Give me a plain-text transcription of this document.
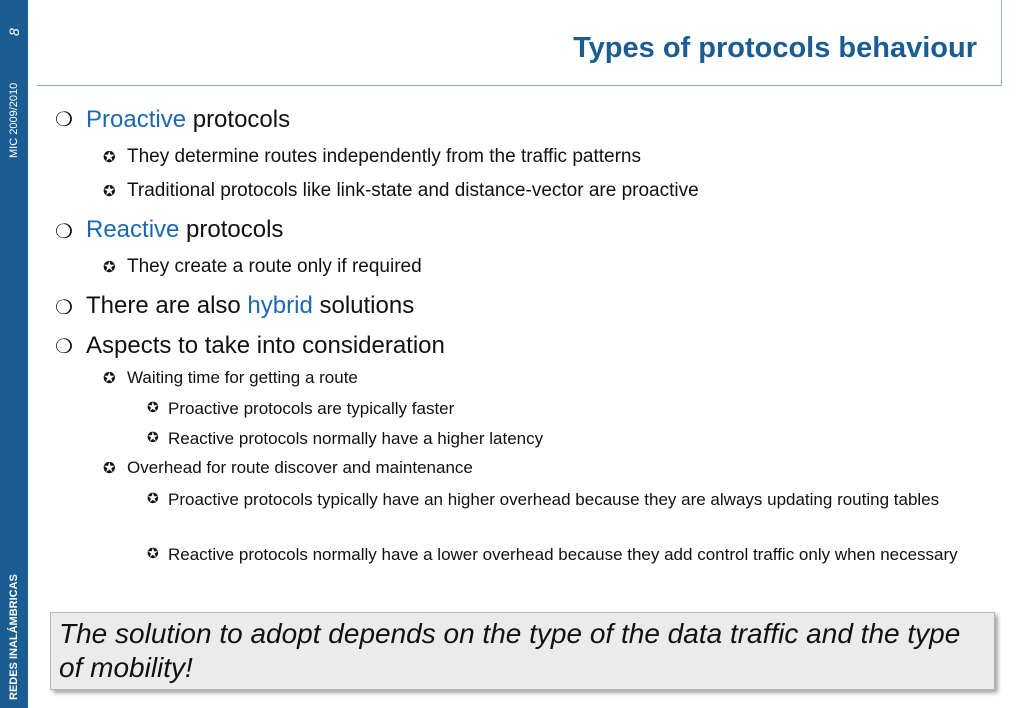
8
MIC 2009/2010
REDES INALÁMBRICAS
Types of protocols behaviour
❍ Proactive protocols
✪ They determine routes independently from the traffic patterns
✪ Traditional protocols like link-state and distance-vector are proactive
❍ Reactive protocols
✪ They create a route only if required
❍ There are also hybrid solutions
❍ Aspects to take into consideration
✪ Waiting time for getting a route
✪ Proactive protocols are typically faster
✪ Reactive protocols normally have a higher latency
✪ Overhead for route discover and maintenance
✪ Proactive protocols typically have an higher overhead because they are always updating routing tables
✪ Reactive protocols normally have a lower overhead because they add control traffic only when necessary
The solution to adopt depends on the type of the data traffic and the type of mobility!
